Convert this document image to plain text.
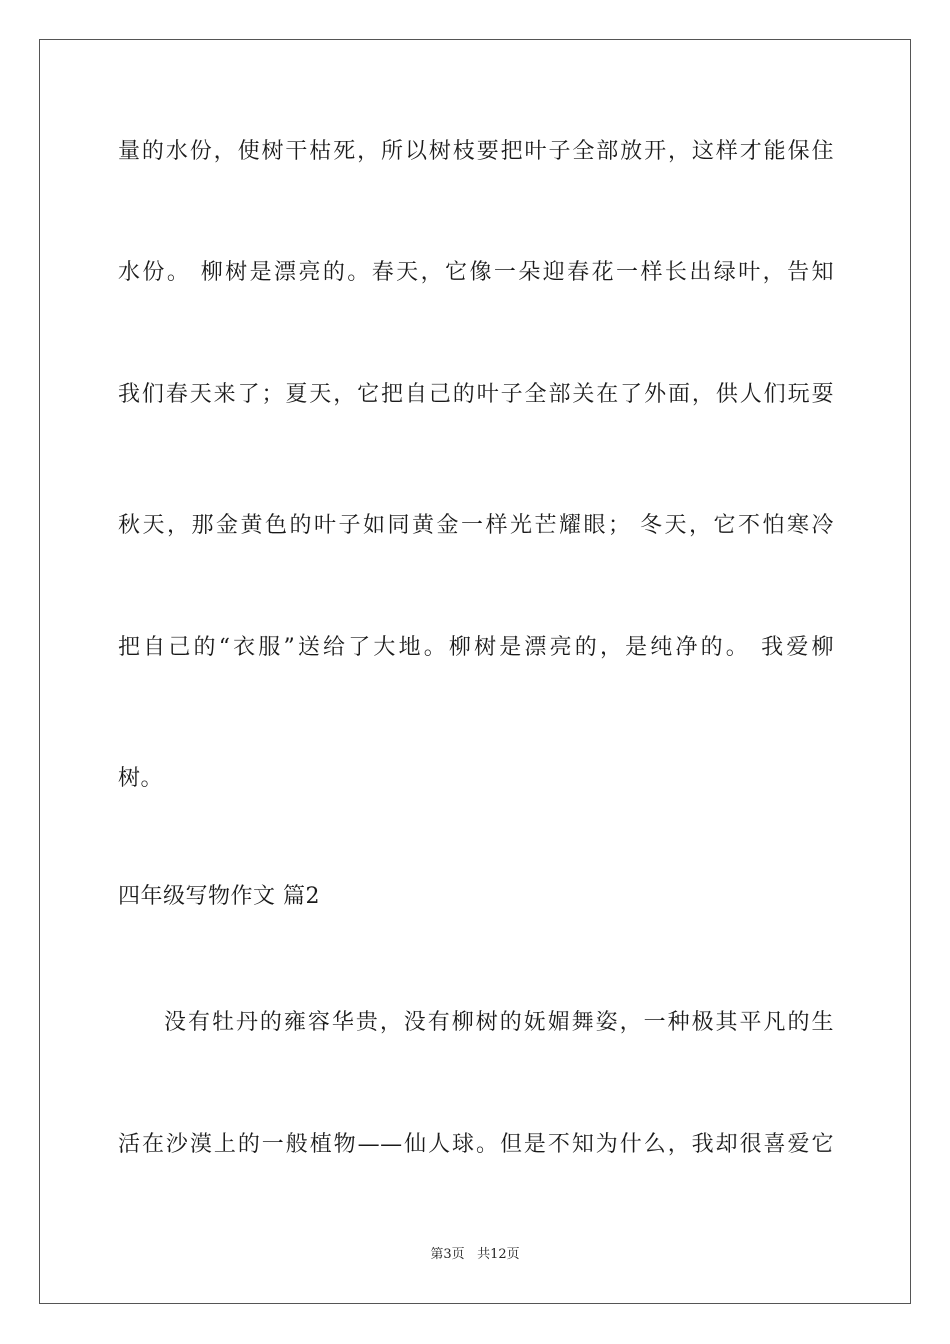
量的水份，使树干枯死，所以树枝要把叶子全部放开，这样才能保住

水份。 柳树是漂亮的。春天，它像一朵迎春花一样长出绿叶，告知

我们春天来了；夏天，它把自己的叶子全部关在了外面，供人们玩耍

秋天，那金黄色的叶子如同黄金一样光芒耀眼； 冬天，它不怕寒冷

把自己的“衣服”送给了大地。柳树是漂亮的，是纯净的。 我爱柳

树。

四年级写物作文 篇2

没有牡丹的雍容华贵，没有柳树的妩媚舞姿，一种极其平凡的生

活在沙漠上的一般植物——仙人球。但是不知为什么，我却很喜爱它

第3页 共12页
